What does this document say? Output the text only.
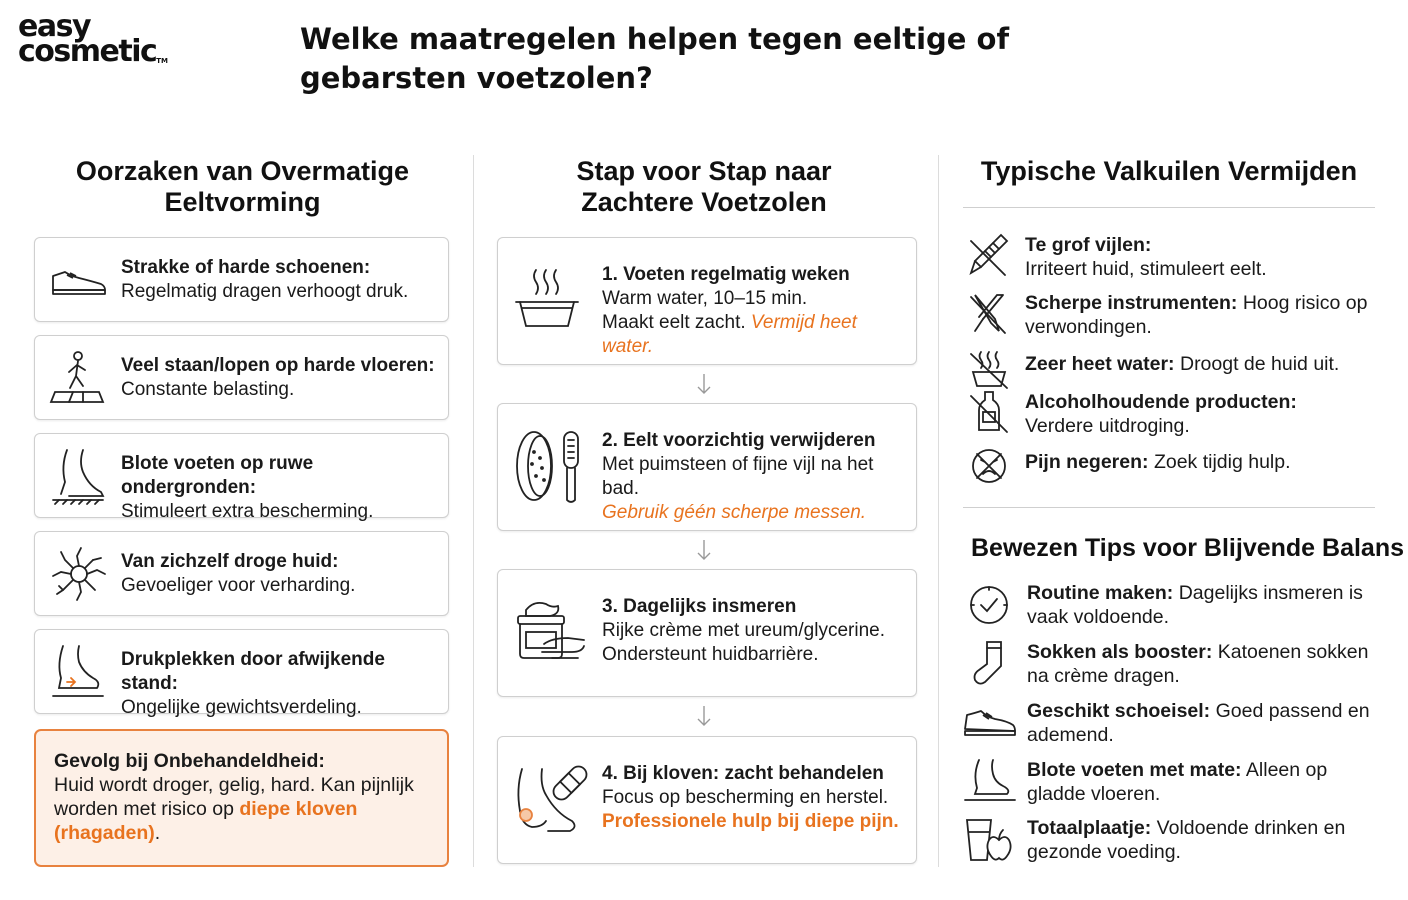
easy
cosmetic™
Welke maatregelen helpen tegen eeltige of gebarsten voetzolen?
Oorzaken van Overmatige Eeltvorming
Strakke of harde schoenen:
Regelmatig dragen verhoogt druk.
Veel staan/lopen op harde vloeren:
Constante belasting.
Blote voeten op ruwe ondergronden:
Stimuleert extra bescherming.
Van zichzelf droge huid:
Gevoeliger voor verharding.
Drukplekken door afwijkende stand:
Ongelijke gewichtsverdeling.
Gevolg bij Onbehandeldheid:
Huid wordt droger, gelig, hard. Kan pijnlijk worden met risico op diepe kloven (rhagaden).
Stap voor Stap naar Zachtere Voetzolen
1. Voeten regelmatig weken
Warm water, 10–15 min.
Maakt eelt zacht. Vermijd heet water.
2. Eelt voorzichtig verwijderen
Met puimsteen of fijne vijl na het bad.
Gebruik géén scherpe messen.
3. Dagelijks insmeren
Rijke crème met ureum/glycerine.
Ondersteunt huidbarrière.
4. Bij kloven: zacht behandelen
Focus op bescherming en herstel.
Professionele hulp bij diepe pijn.
Typische Valkuilen Vermijden
Te grof vijlen:
Irriteert huid, stimuleert eelt.
Scherpe instrumenten: Hoog risico op verwondingen.
Zeer heet water: Droogt de huid uit.
Alcoholhoudende producten:
Verdere uitdroging.
Pijn negeren: Zoek tijdig hulp.
Bewezen Tips voor Blijvende Balans
Routine maken: Dagelijks insmeren is vaak voldoende.
Sokken als booster: Katoenen sokken na crème dragen.
Geschikt schoeisel: Goed passend en ademend.
Blote voeten met mate: Alleen op gladde vloeren.
Totaalplaatje: Voldoende drinken en gezonde voeding.
